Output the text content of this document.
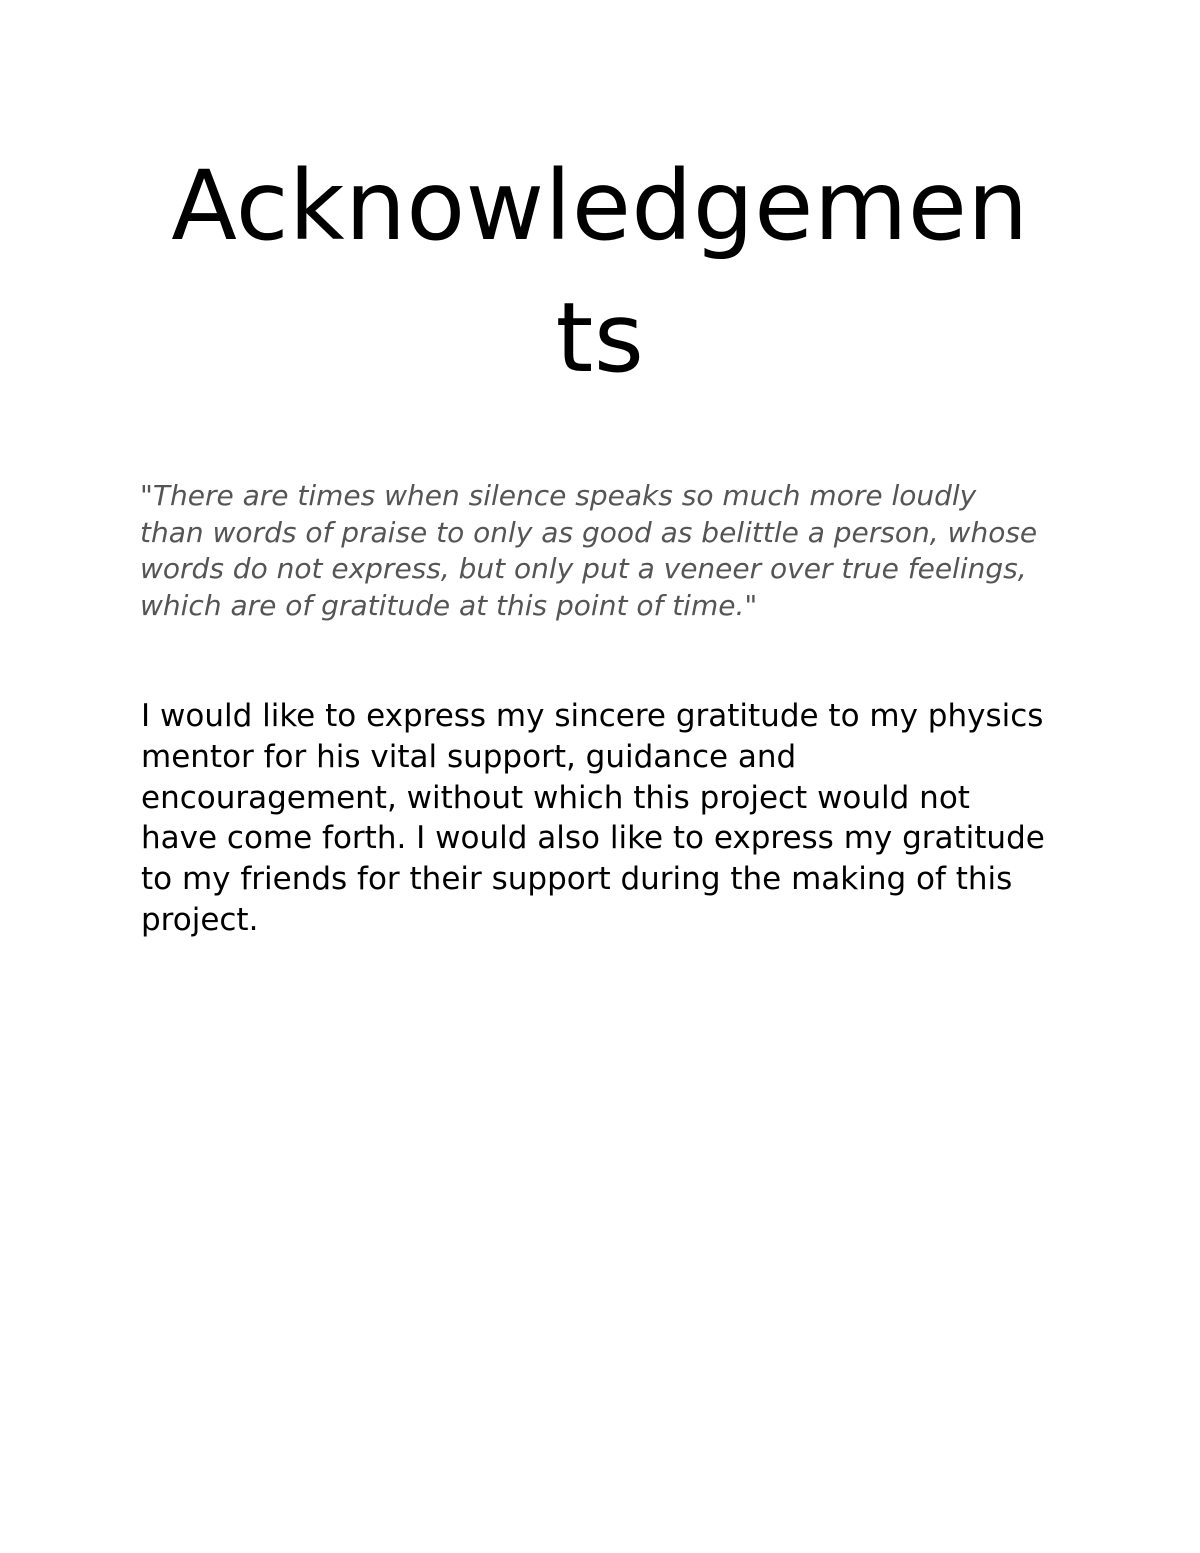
Acknowledgements

"There are times when silence speaks so much more loudly than words of praise to only as good as belittle a person, whose words do not express, but only put a veneer over true feelings, which are of gratitude at this point of time."

I would like to express my sincere gratitude to my physics mentor for his vital support, guidance and encouragement, without which this project would not have come forth. I would also like to express my gratitude to my friends for their support during the making of this project.
